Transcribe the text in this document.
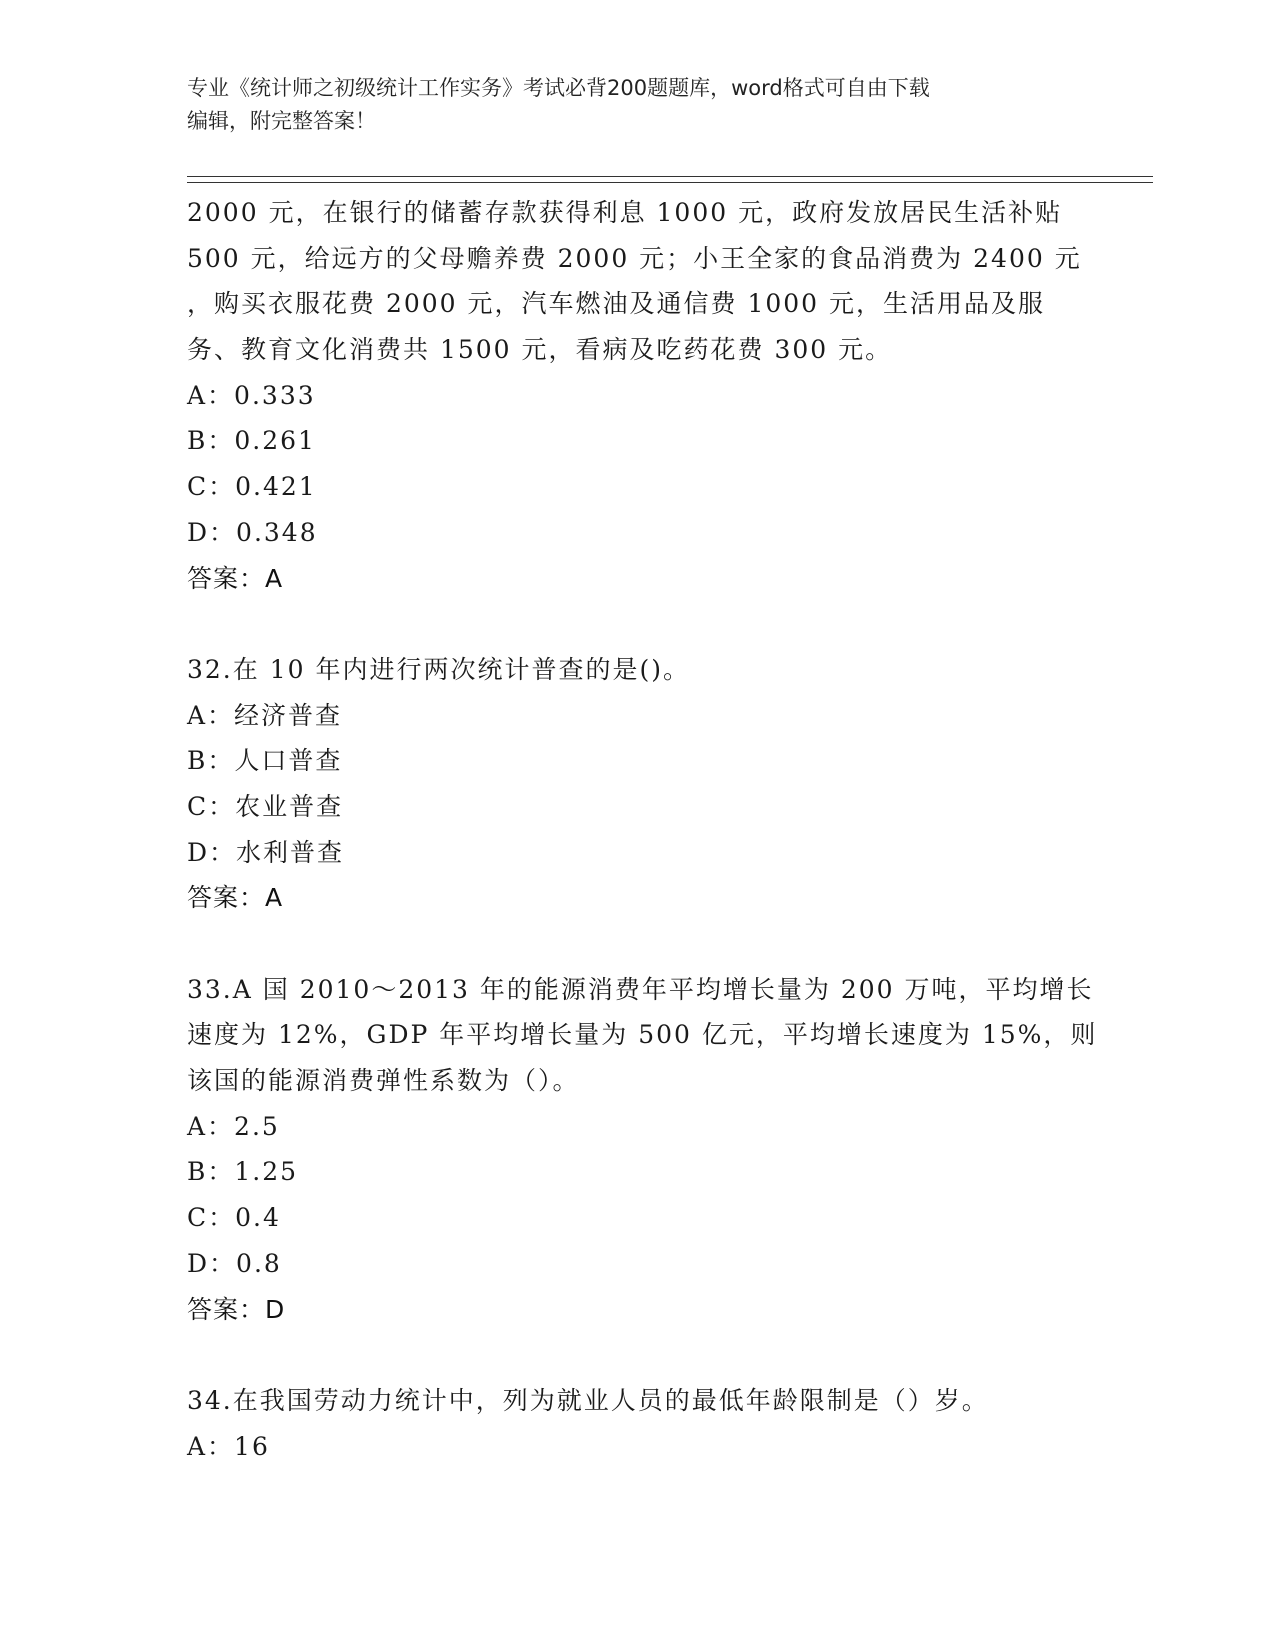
专业《统计师之初级统计工作实务》考试必背200题题库，word格式可自由下载
编辑，附完整答案！
2000 元，在银行的储蓄存款获得利息 1000 元，政府发放居民生活补贴
500 元，给远方的父母赡养费 2000 元；小王全家的食品消费为 2400 元
，购买衣服花费 2000 元，汽车燃油及通信费 1000 元，生活用品及服
务、教育文化消费共 1500 元，看病及吃药花费 300 元。
A：0.333
B：0.261
C：0.421
D：0.348
答案：A
32.在 10 年内进行两次统计普查的是()。
A：经济普查
B：人口普查
C：农业普查
D：水利普查
答案：A
33.A 国 2010～2013 年的能源消费年平均增长量为 200 万吨，平均增长
速度为 12%，GDP 年平均增长量为 500 亿元，平均增长速度为 15%，则
该国的能源消费弹性系数为（）。
A：2.5
B：1.25
C：0.4
D：0.8
答案：D
34.在我国劳动力统计中，列为就业人员的最低年龄限制是（）岁。
A：16
